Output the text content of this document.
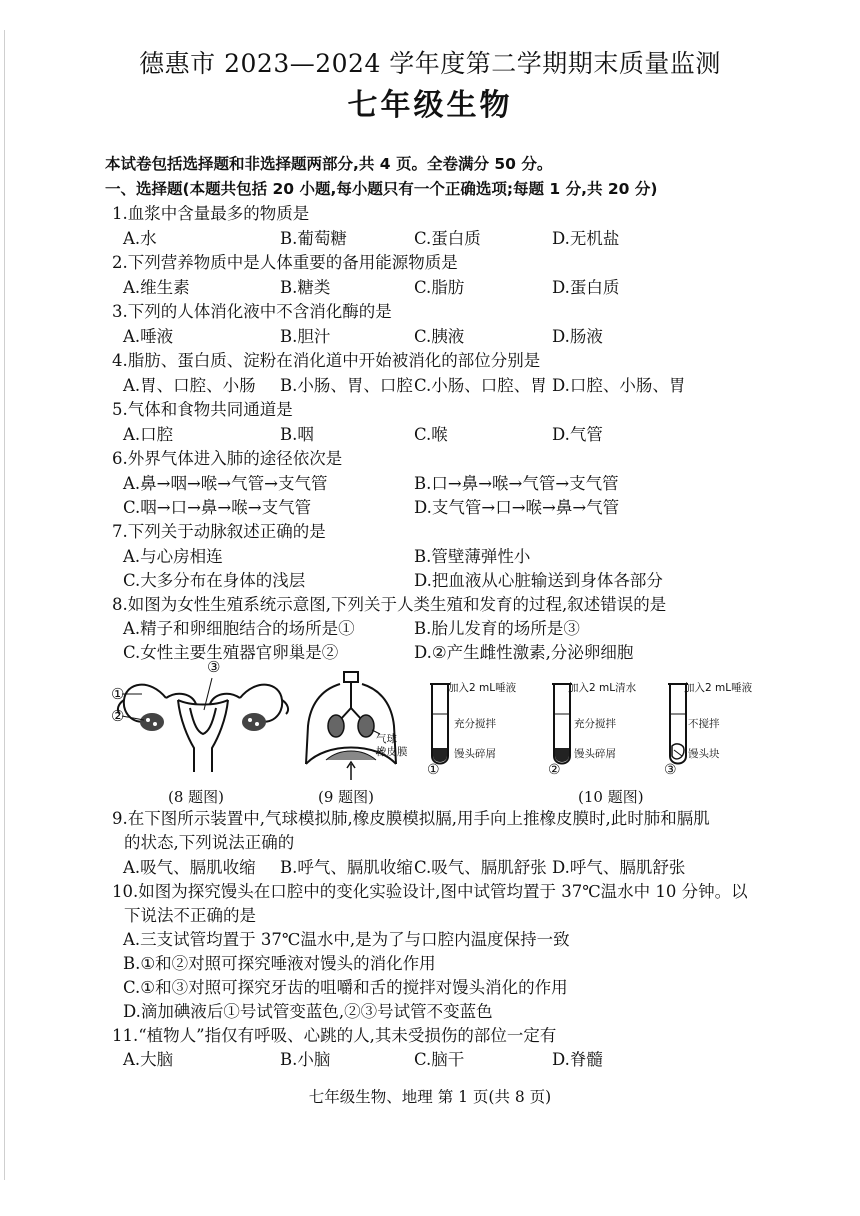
德惠市 2023—2024 学年度第二学期期末质量监测
七年级生物
本试卷包括选择题和非选择题两部分,共 4 页。全卷满分 50 分。
一、选择题(本题共包括 20 小题,每小题只有一个正确选项;每题 1 分,共 20 分)
1.血浆中含量最多的物质是
A.水	B.葡萄糖	C.蛋白质	D.无机盐
2.下列营养物质中是人体重要的备用能源物质是
A.维生素	B.糖类	C.脂肪	D.蛋白质
3.下列的人体消化液中不含消化酶的是
A.唾液	B.胆汁	C.胰液	D.肠液
4.脂肪、蛋白质、淀粉在消化道中开始被消化的部位分别是
A.胃、口腔、小肠 B.小肠、胃、口腔 C.小肠、口腔、胃 D.口腔、小肠、胃
5.气体和食物共同通道是
A.口腔	B.咽	C.喉	D.气管
6.外界气体进入肺的途径依次是
A.鼻→咽→喉→气管→支气管	B.口→鼻→喉→气管→支气管
C.咽→口→鼻→喉→支气管	D.支气管→口→喉→鼻→气管
7.下列关于动脉叙述正确的是
A.与心房相连	B.管壁薄弹性小
C.大多分布在身体的浅层	D.把血液从心脏输送到身体各部分
8.如图为女性生殖系统示意图,下列关于人类生殖和发育的过程,叙述错误的是
A.精子和卵细胞结合的场所是①	B.胎儿发育的场所是③
C.女性主要生殖器官卵巢是②	D.②产生雌性激素,分泌卵细胞
①
②
③
(8 题图)
气球
橡皮膜
(9 题图)
加入2 mL唾液
充分搅拌
馒头碎屑
①
加入2 mL清水
充分搅拌
馒头碎屑
②
加入2 mL唾液
不搅拌
馒头块
③
(10 题图)
9.在下图所示装置中,气球模拟肺,橡皮膜模拟膈,用手向上推橡皮膜时,此时肺和膈肌
的状态,下列说法正确的
A.吸气、膈肌收缩 B.呼气、膈肌收缩 C.吸气、膈肌舒张 D.呼气、膈肌舒张
10.如图为探究馒头在口腔中的变化实验设计,图中试管均置于 37℃温水中 10 分钟。以
下说法不正确的是
A.三支试管均置于 37℃温水中,是为了与口腔内温度保持一致
B.①和②对照可探究唾液对馒头的消化作用
C.①和③对照可探究牙齿的咀嚼和舌的搅拌对馒头消化的作用
D.滴加碘液后①号试管变蓝色,②③号试管不变蓝色
11.“植物人”指仅有呼吸、心跳的人,其未受损伤的部位一定有
A.大脑	B.小脑	C.脑干	D.脊髓
七年级生物、地理 第 1 页(共 8 页)
